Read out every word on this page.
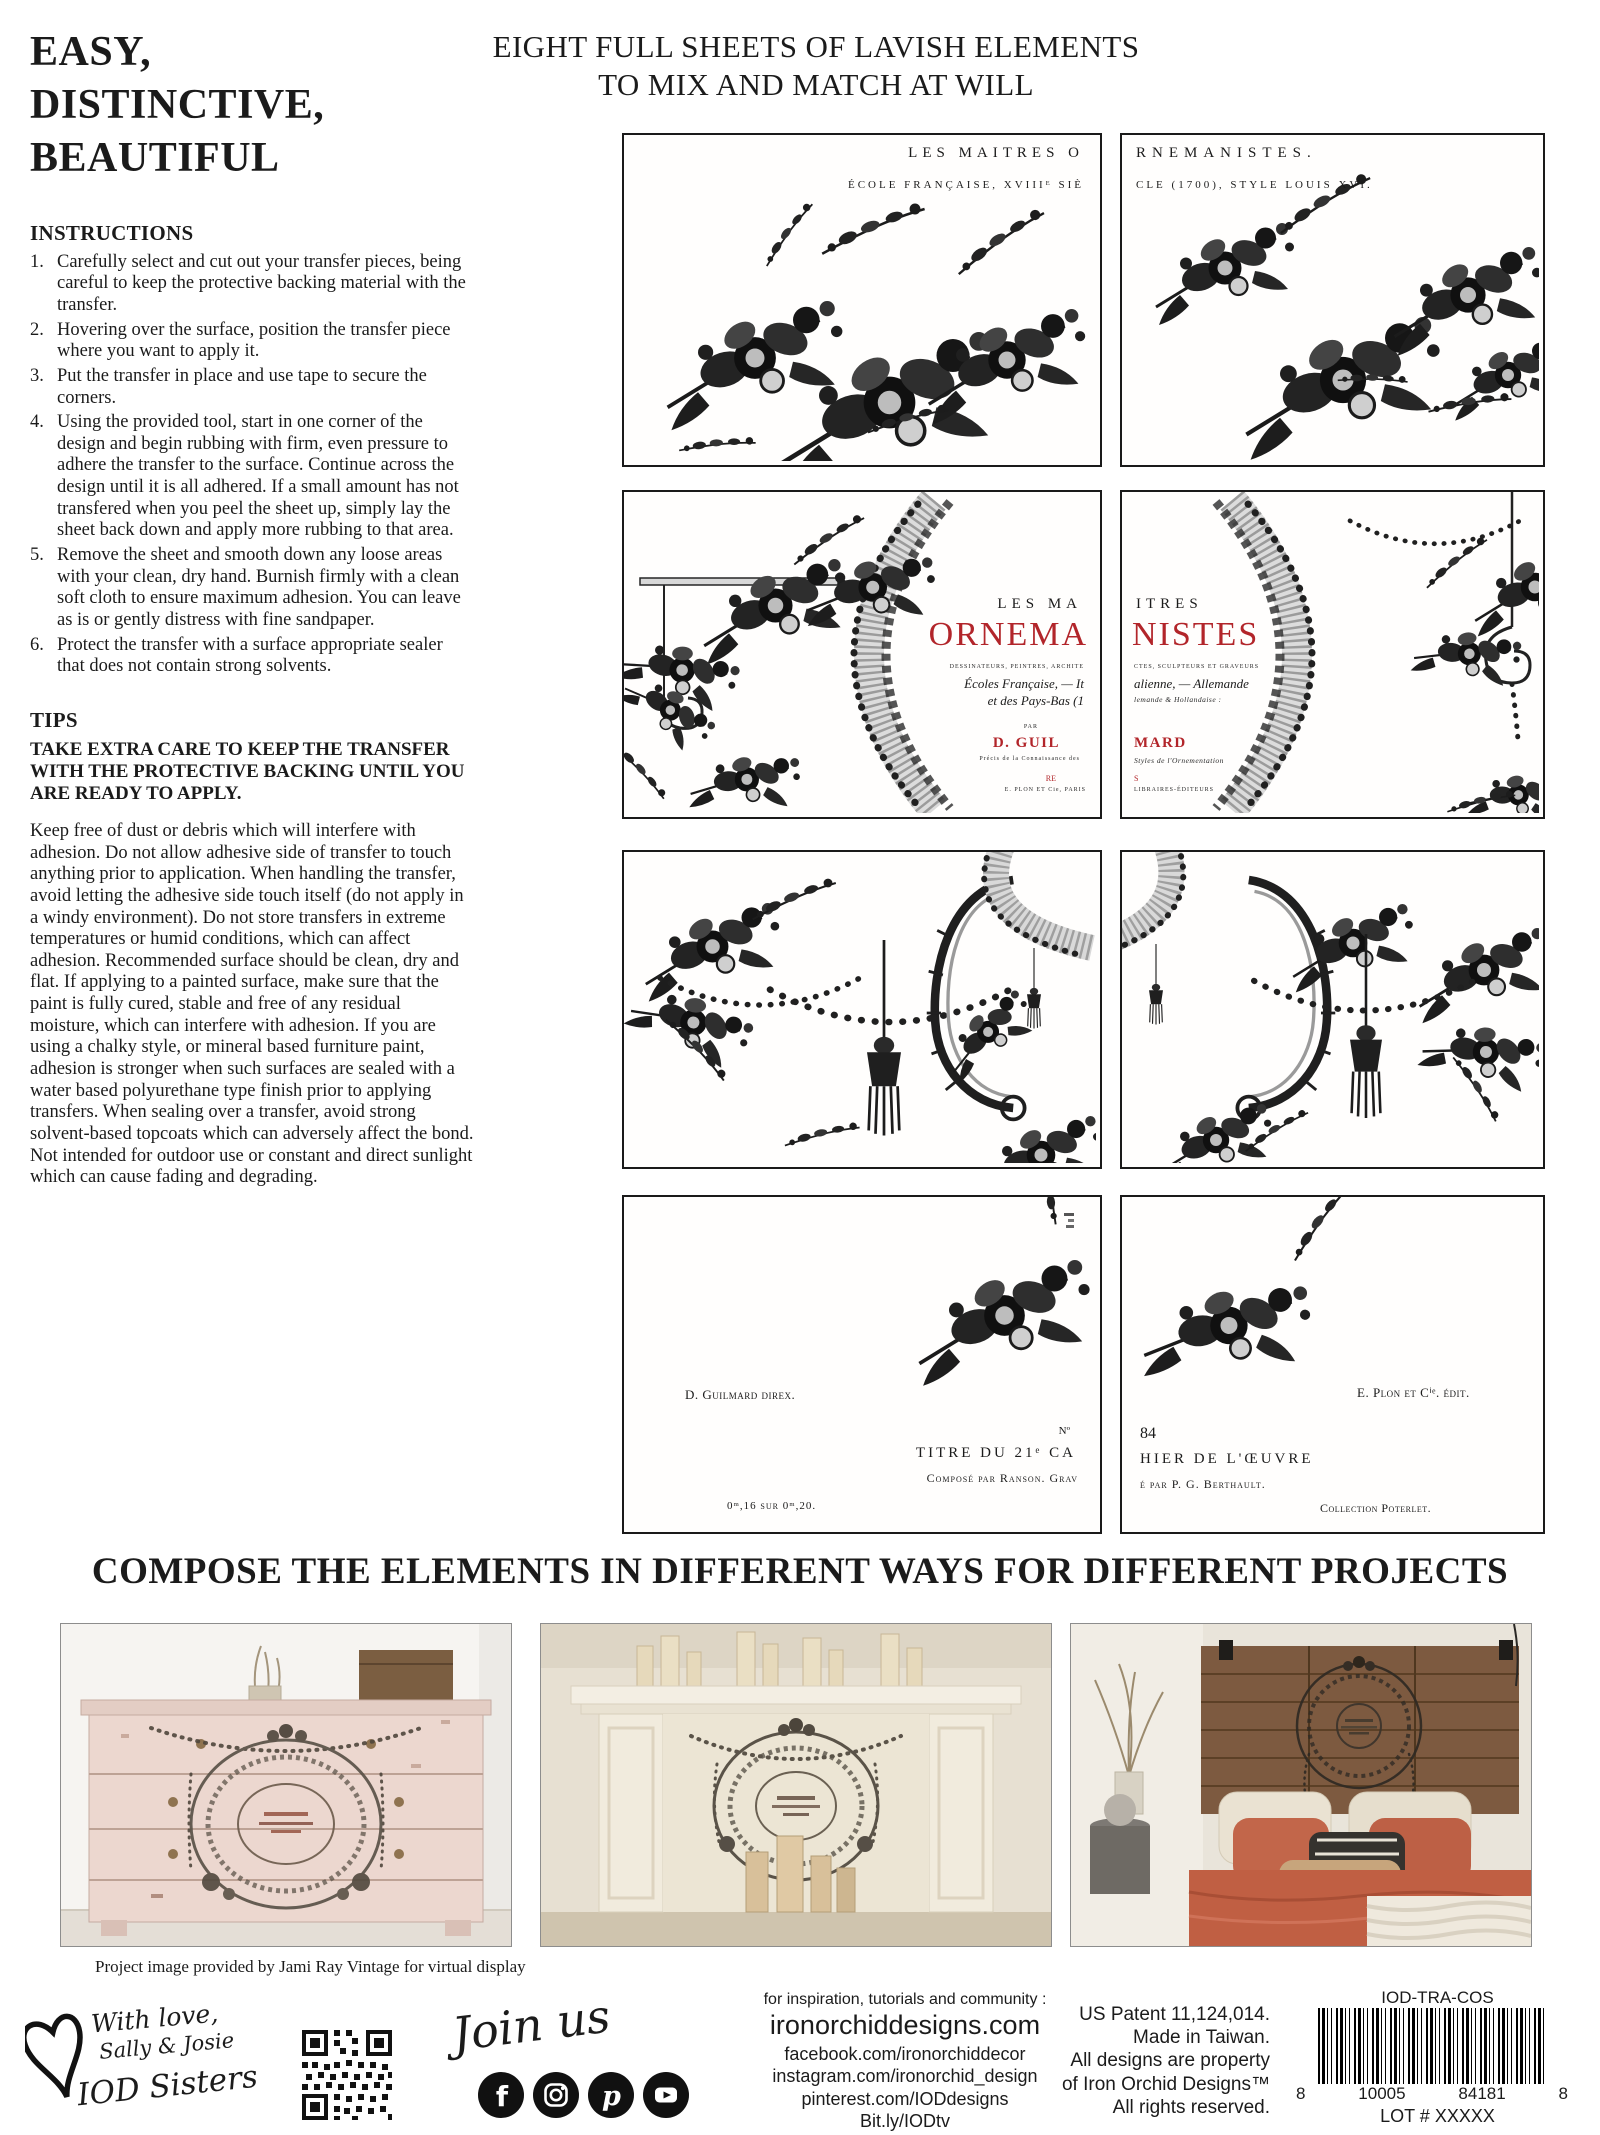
EASY,
DISTINCTIVE,
BEAUTIFUL
INSTRUCTIONS
1. Carefully select and cut out your transfer pieces, being careful to keep the protective backing material with the transfer.
2. Hovering over the surface, position the transfer piece where you want to apply it.
3. Put the transfer in place and use tape to secure the corners.
4. Using the provided tool, start in one corner of the design and begin rubbing with firm, even pressure to adhere the transfer to the surface. Continue across the design until it is all adhered. If a small amount has not transfered when you peel the sheet up, simply lay the sheet back down and apply more rubbing to that area.
5. Remove the sheet and smooth down any loose areas with your clean, dry hand. Burnish firmly with a clean soft cloth to ensure maximum adhesion. You can leave as is or gently distress with fine sandpaper.
6. Protect the transfer with a surface appropriate sealer that does not contain strong solvents.
TIPS
TAKE EXTRA CARE TO KEEP THE TRANSFER WITH THE PROTECTIVE BACKING UNTIL YOU ARE READY TO APPLY.
Keep free of dust or debris which will interfere with adhesion. Do not allow adhesive side of transfer to touch anything prior to application. When handling the transfer, avoid letting the adhesive side touch itself (do not apply in a windy environment). Do not store transfers in extreme temperatures or humid conditions, which can affect adhesion. Recommended surface should be clean, dry and flat. If applying to a painted surface, make sure that the paint is fully cured, stable and free of any residual moisture, which can interfere with adhesion. If you are using a chalky style, or mineral based furniture paint, adhesion is stronger when such surfaces are sealed with a water based polyurethane type finish prior to applying transfers. When sealing over a transfer, avoid strong solvent-based topcoats which can adversely affect the bond. Not intended for outdoor use or constant and direct sunlight which can cause fading and degrading.
EIGHT FULL SHEETS OF LAVISH ELEMENTS
TO MIX AND MATCH AT WILL
LES MAITRES O
ÉCOLE FRANÇAISE, XVIIIᴱ SIÈ
RNEMANISTES.
CLE (1700), STYLE LOUIS XVI.
LES MA
ORNEMA
DESSINATEURS, PEINTRES, ARCHITE
Écoles Française, — It
et des Pays-Bas (1
PAR
D. GUIL
Précis de la Connaissance des
RE
E. PLON ET Cie, PARIS
ITRES
NISTES
CTES, SCULPTEURS ET GRAVEURS
alienne, — Allemande
lemande & Hollandaise :
MARD
Styles de l'Ornementation
S
LIBRAIRES-ÉDITEURS
D. Guilmard direx.
Nº
TITRE DU 21ᵉ CA
Composé par Ranson. Grav
0ᵐ,16 sur 0ᵐ,20.
E. Plon et Cⁱᵉ. édit.
84
HIER DE L'ŒUVRE
é par P. G. Berthault.
Collection Poterlet.
COMPOSE THE ELEMENTS IN DIFFERENT WAYS FOR DIFFERENT PROJECTS
Project image provided by Jami Ray Vintage for virtual display
With love,
Sally & Josie
IOD Sisters
Join us
f	p
for inspiration, tutorials and community :
ironorchiddesigns.com
facebook.com/ironorchiddecor
instagram.com/ironorchid_design
pinterest.com/IODdesigns
Bit.ly/IODtv
US Patent 11,124,014.
Made in Taiwan.
All designs are property
of Iron Orchid Designs™
All rights reserved.
IOD-TRA-COS
8	10005	84181	8
LOT # XXXXX
